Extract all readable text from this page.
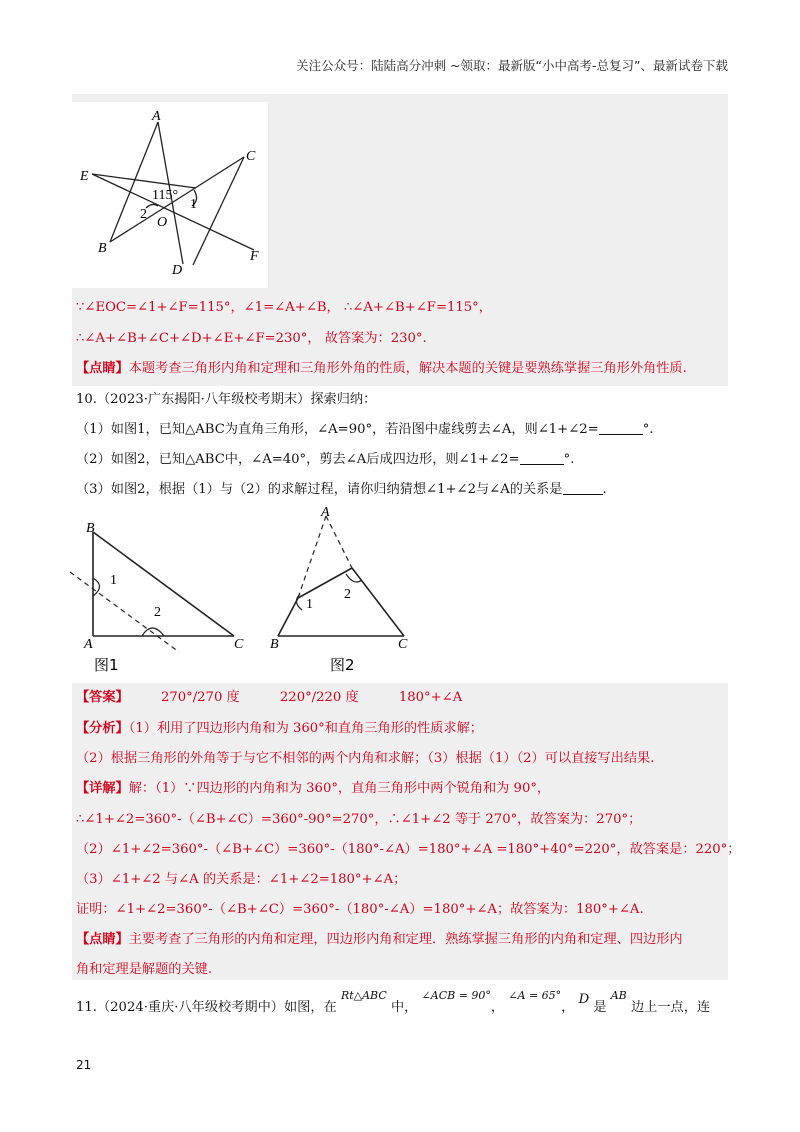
关注公众号：陆陆高分冲刺 ~领取：最新版“小中高考-总复习”、最新试卷下载
A
C
E
B
D
F
O
115°
1
2
∵∠EOC=∠1+∠F=115°，∠1=∠A+∠B， ∴∠A+∠B+∠F=115°，
∴∠A+∠B+∠C+∠D+∠E+∠F=230°， 故答案为：230°.
【点睛】本题考查三角形内角和定理和三角形外角的性质，解决本题的关键是要熟练掌握三角形外角性质.
10.（2023·广东揭阳·八年级校考期末）探索归纳：
（1）如图1，已知△ABC为直角三角形，∠A=90°，若沿图中虚线剪去∠A，则∠1+∠2=	°.
（2）如图2，已知△ABC中，∠A=40°，剪去∠A后成四边形，则∠1+∠2=	°.
（3）如图2，根据（1）与（2）的求解过程，请你归纳猜想∠1+∠2与∠A的关系是	.
B
A	C
1
2
图1
A
B	C
1
2
图2
【答案】 270°/270 度	220°/220 度	180°+∠A
【分析】（1）利用了四边形内角和为 360°和直角三角形的性质求解；
（2）根据三角形的外角等于与它不相邻的两个内角和求解；（3）根据（1）（2）可以直接写出结果.
【详解】解：（1）∵四边形的内角和为 360°，直角三角形中两个锐角和为 90°，
∴∠1+∠2=360°-（∠B+∠C）=360°-90°=270°，∴∠1+∠2 等于 270°，故答案为：270°；
（2）∠1+∠2=360°-（∠B+∠C）=360°-（180°-∠A）=180°+∠A =180°+40°=220°，故答案是：220°；
（3）∠1+∠2 与∠A 的关系是：∠1+∠2=180°+∠A；
证明：∠1+∠2=360°-（∠B+∠C）=360°-（180°-∠A）=180°+∠A；故答案为：180°+∠A.
【点睛】主要考查了三角形的内角和定理，四边形内角和定理．熟练掌握三角形的内角和定理、四边形内
角和定理是解题的关键.
11.（2024·重庆·八年级校考期中）如图，在 $^{Rt\triangle ABC}$ 中， $^{\angle ACB = 90^\circ}$， $^{\angle A = 65^\circ}$， D 是 $^{AB}$ 边上一点，连
21
